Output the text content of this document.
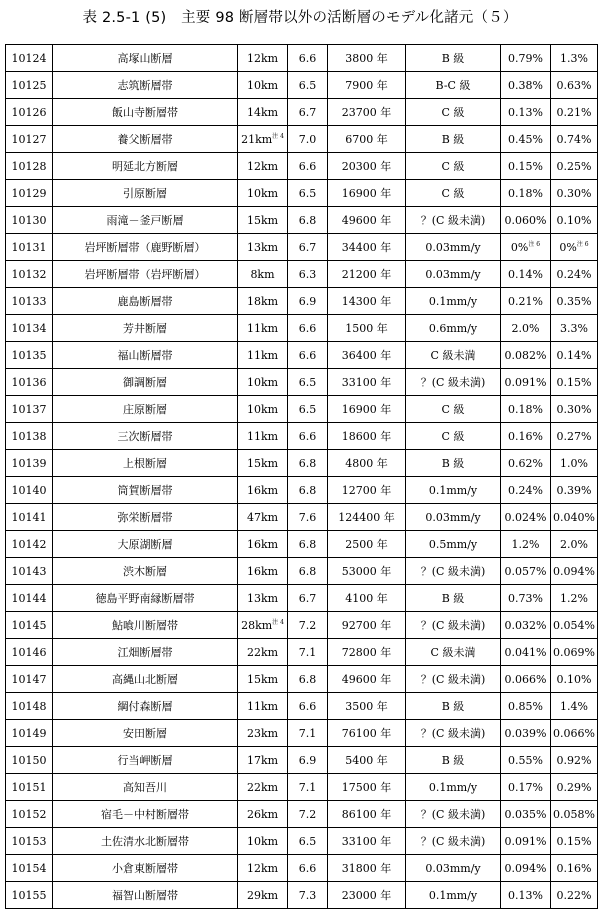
表 2.5-1 (5)　主要 98 断層帯以外の活断層のモデル化諸元（５）
10124	高塚山断層	12km	6.6	3800 年	B 級	0.79%	1.3%
10125	志筑断層帯	10km	6.5	7900 年	B-C 級	0.38%	0.63%
10126	飯山寺断層帯	14km	6.7	23700 年	C 級	0.13%	0.21%
10127	養父断層帯	$21km^{注 4}$	7.0	6700 年	B 級	0.45%	0.74%
10128	明延北方断層	12km	6.6	20300 年	C 級	0.15%	0.25%
10129	引原断層	10km	6.5	16900 年	C 級	0.18%	0.30%
10130	雨滝－釜戸断層	15km	6.8	49600 年	？(C 級未満)	0.060%	0.10%
10131	岩坪断層帯（鹿野断層）	13km	6.7	34400 年	0.03mm/y	0%$^{注 6}$	0%$^{注 6}$
10132	岩坪断層帯（岩坪断層）	8km	6.3	21200 年	0.03mm/y	0.14%	0.24%
10133	鹿島断層帯	18km	6.9	14300 年	0.1mm/y	0.21%	0.35%
10134	芳井断層	11km	6.6	1500 年	0.6mm/y	2.0%	3.3%
10135	福山断層帯	11km	6.6	36400 年	C 級未満	0.082%	0.14%
10136	御調断層	10km	6.5	33100 年	？(C 級未満)	0.091%	0.15%
10137	庄原断層	10km	6.5	16900 年	C 級	0.18%	0.30%
10138	三次断層帯	11km	6.6	18600 年	C 級	0.16%	0.27%
10139	上根断層	15km	6.8	4800 年	B 級	0.62%	1.0%
10140	筒賀断層帯	16km	6.8	12700 年	0.1mm/y	0.24%	0.39%
10141	弥栄断層帯	47km	7.6	124400 年	0.03mm/y	0.024%	0.040%
10142	大原湖断層	16km	6.8	2500 年	0.5mm/y	1.2%	2.0%
10143	渋木断層	16km	6.8	53000 年	？(C 級未満)	0.057%	0.094%
10144	徳島平野南縁断層帯	13km	6.7	4100 年	B 級	0.73%	1.2%
10145	鮎喰川断層帯	$28km^{注 4}$	7.2	92700 年	？(C 級未満)	0.032%	0.054%
10146	江畑断層帯	22km	7.1	72800 年	C 級未満	0.041%	0.069%
10147	高縄山北断層	15km	6.8	49600 年	？(C 級未満)	0.066%	0.10%
10148	綱付森断層	11km	6.6	3500 年	B 級	0.85%	1.4%
10149	安田断層	23km	7.1	76100 年	？(C 級未満)	0.039%	0.066%
10150	行当岬断層	17km	6.9	5400 年	B 級	0.55%	0.92%
10151	高知吾川	22km	7.1	17500 年	0.1mm/y	0.17%	0.29%
10152	宿毛－中村断層帯	26km	7.2	86100 年	？(C 級未満)	0.035%	0.058%
10153	土佐清水北断層帯	10km	6.5	33100 年	？(C 級未満)	0.091%	0.15%
10154	小倉東断層帯	12km	6.6	31800 年	0.03mm/y	0.094%	0.16%
10155	福智山断層帯	29km	7.3	23000 年	0.1mm/y	0.13%	0.22%
